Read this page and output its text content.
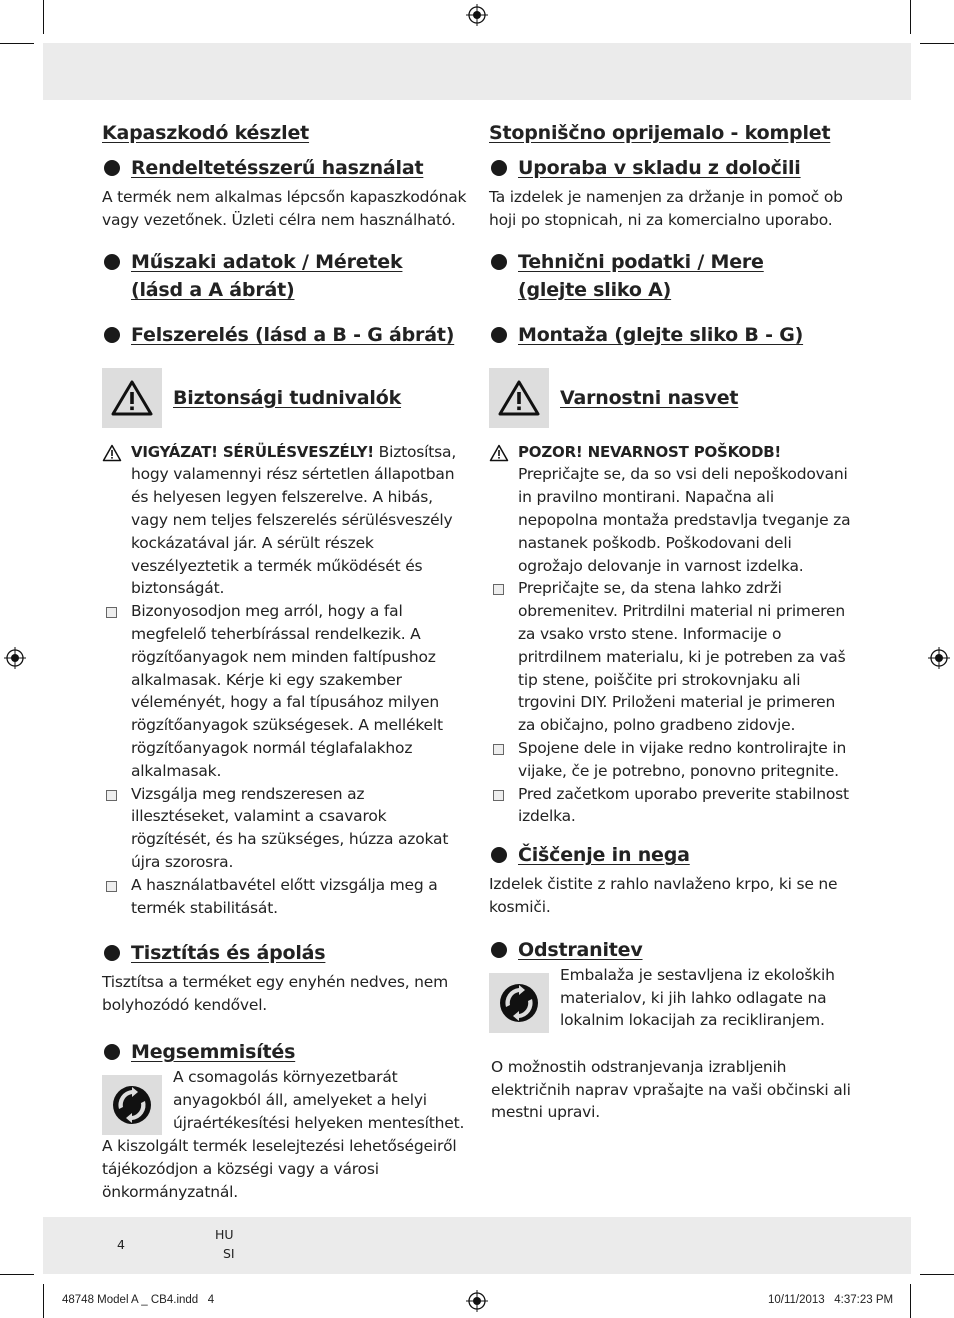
Kapaszkodó készlet
Rendeltetésszerű használat

A termék nem alkalmas lépcsőn kapaszkodónak vagy vezetőnek. Üzleti célra nem használható.

Műszaki adatok / Méretek
(lásd a A ábrát)
Felszerelés (lásd a B - G ábrát)
Biztonsági tudnivalók
VIGYÁZAT! SÉRÜLÉSVESZÉLY! Biztosítsa, hogy valamennyi rész sértetlen állapotban és helyesen legyen felszerelve. A hibás, vagy nem teljes felszerelés sérülésveszély kockázatával jár. A sérült részek veszélyeztetik a termék működését és biztonságát.
Bizonyosodjon meg arról, hogy a fal megfelelő teherbírással rendelkezik. A rögzítőanyagok nem minden faltípushoz alkalmasak. Kérje ki egy szakember véleményét, hogy a fal típusához milyen rögzítőanyagok szükségesek. A mellékelt rögzítőanyagok normál téglafalakhoz alkalmasak.
Vizsgálja meg rendszeresen az illesztéseket, valamint a csavarok rögzítését, és ha szükséges, húzza azokat újra szorosra.
A használatbavétel előtt vizsgálja meg a termék stabilitását.
Tisztítás és ápolás

Tisztítsa a terméket egy enyhén nedves, nem bolyhozódó kendővel.

Megsemmisítés

A csomagolás környezetbarát anyagokból áll, amelyeket a helyi újraértékesítési helyeken mentesíthet.

A kiszolgált termék leselejtezési lehetőségeiről tájékozódjon a községi vagy a városi önkormányzatnál.

Stopniščno oprijemalo - komplet
Uporaba v skladu z določili

Ta izdelek je namenjen za držanje in pomoč ob hoji po stopnicah, ni za komercialno uporabo.

Tehnični podatki / Mere
(glejte sliko A)
Montaža (glejte sliko B - G)
Varnostni nasvet
POZOR! NEVARNOST POŠKODB!
Prepričajte se, da so vsi deli nepoškodovani in pravilno montirani. Napačna ali nepopolna montaža predstavlja tveganje za nastanek poškodb. Poškodovani deli ogrožajo delovanje in varnost izdelka.
Prepričajte se, da stena lahko zdrži obremenitev. Pritrdilni material ni primeren za vsako vrsto stene. Informacije o pritrdilnem materialu, ki je potreben za vaš tip stene, poiščite pri strokovnjaku ali trgovini DIY. Priloženi material je primeren za običajno, polno gradbeno zidovje.
Spojene dele in vijake redno kontrolirajte in vijake, če je potrebno, ponovno pritegnite.
Pred začetkom uporabo preverite stabilnost izdelka.
Čiščenje in nega

Izdelek čistite z rahlo navlaženo krpo, ki se ne kosmiči.

Odstranitev

Embalaža je sestavljena iz ekoloških materialov, ki jih lahko odlagate na lokalnim lokacijah za recikliranjem.

O možnostih odstranjevanja izrabljenih električnih naprav vprašajte na vaši občinski ali mestni upravi.

4
HU
SI
48748 Model A _ CB4.indd   4	10/11/2013   4:37:23 PM
